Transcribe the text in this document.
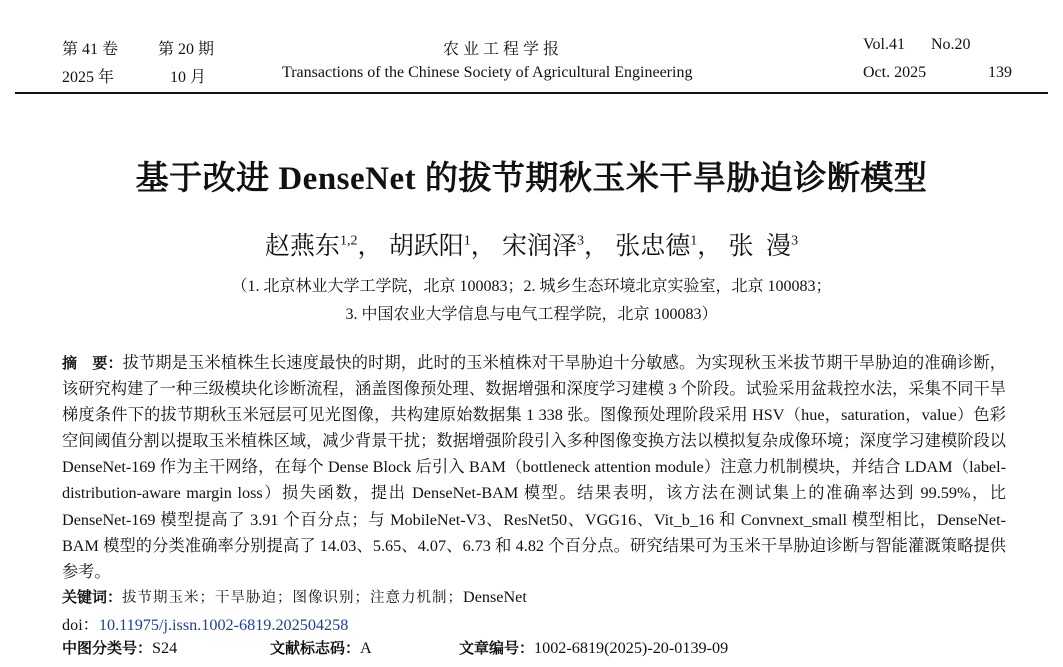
第 41 卷 第 20 期	农 业 工 程 学 报	Vol.41 No.20
2025 年	10 月	Transactions of the Chinese Society of Agricultural Engineering	Oct. 2025	139
基于改进 DenseNet 的拔节期秋玉米干旱胁迫诊断模型
赵燕东$^{1,2}$， 胡跃阳$^1$， 宋润泽$^3$， 张忠德$^1$， 张  漫$^3$
（1. 北京林业大学工学院，北京 100083；2. 城乡生态环境北京实验室，北京 100083；
3. 中国农业大学信息与电气工程学院，北京 100083）
摘　要：拔节期是玉米植株生长速度最快的时期，此时的玉米植株对干旱胁迫十分敏感。为实现秋玉米拔节期干旱胁迫的准确诊断，该研究构建了一种三级模块化诊断流程，涵盖图像预处理、数据增强和深度学习建模 3 个阶段。试验采用盆栽控水法，采集不同干旱梯度条件下的拔节期秋玉米冠层可见光图像，共构建原始数据集 1 338 张。图像预处理阶段采用 HSV（hue，saturation，value）色彩空间阈值分割以提取玉米植株区域，减少背景干扰；数据增强阶段引入多种图像变换方法以模拟复杂成像环境；深度学习建模阶段以 DenseNet-169 作为主干网络，在每个 Dense Block 后引入 BAM（bottleneck attention module）注意力机制模块，并结合 LDAM（label-distribution-aware margin loss）损失函数，提出 DenseNet-BAM 模型。结果表明，该方法在测试集上的准确率达到 99.59%，比 DenseNet-169 模型提高了 3.91 个百分点；与 MobileNet-V3、ResNet50、VGG16、Vit_b_16 和 Convnext_small 模型相比，DenseNet-BAM 模型的分类准确率分别提高了 14.03、5.65、4.07、6.73 和 4.82 个百分点。研究结果可为玉米干旱胁迫诊断与智能灌溉策略提供参考。
关键词：拔节期玉米；干旱胁迫；图像识别；注意力机制；DenseNet
doi：10.11975/j.issn.1002-6819.202504258
中图分类号：S24	文献标志码：A	文章编号：1002-6819(2025)-20-0139-09
